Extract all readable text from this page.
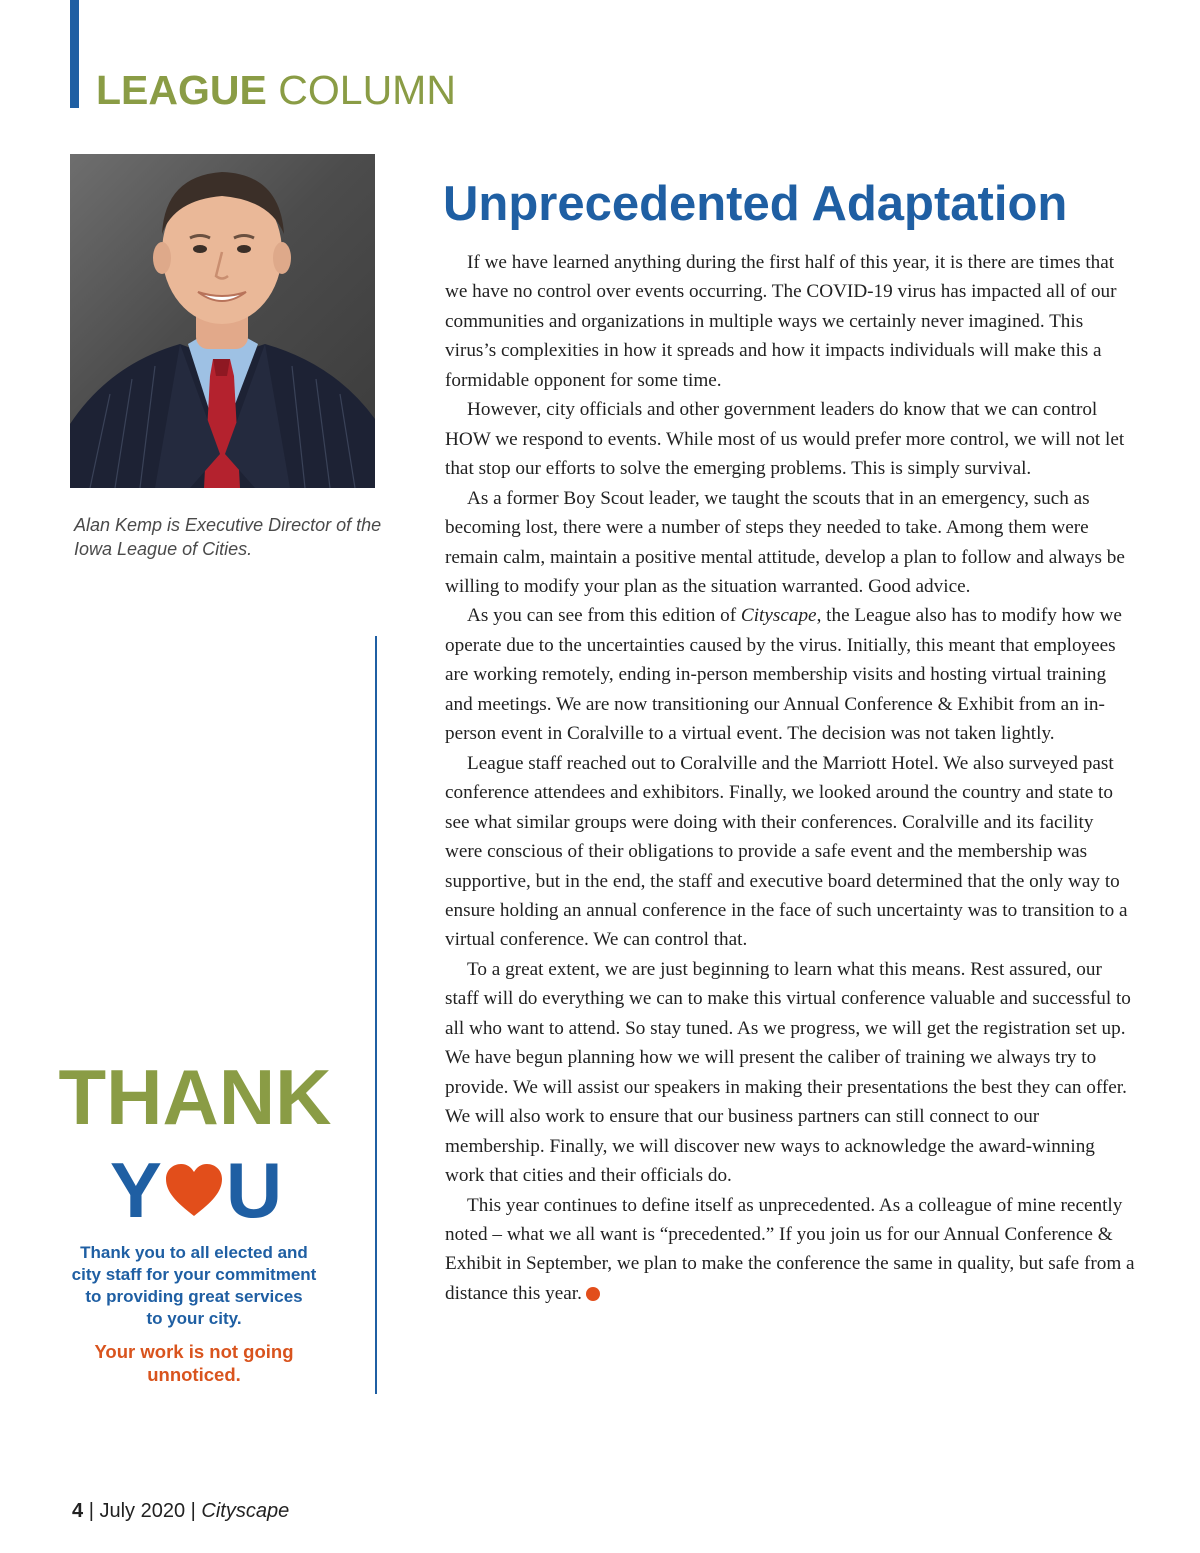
LEAGUE COLUMN
Alan Kemp is Executive Director of the Iowa League of Cities.
THANK
Y U
Thank you to all elected and
city staff for your commitment
to providing great services
to your city.
Your work is not going
unnoticed.
Unprecedented Adaptation

If we have learned anything during the first half of this year, it is there are times that we have no control over events occurring. The COVID-19 virus has impacted all of our communities and organizations in multiple ways we certainly never imagined. This virus’s complexities in how it spreads and how it impacts individuals will make this a formidable opponent for some time.

However, city officials and other government leaders do know that we can control HOW we respond to events. While most of us would prefer more control, we will not let that stop our efforts to solve the emerging problems. This is simply survival.

As a former Boy Scout leader, we taught the scouts that in an emergency, such as becoming lost, there were a number of steps they needed to take. Among them were remain calm, maintain a positive mental attitude, develop a plan to follow and always be willing to modify your plan as the situation warranted. Good advice.

As you can see from this edition of Cityscape, the League also has to modify how we operate due to the uncertainties caused by the virus. Initially, this meant that employees are working remotely, ending in-person membership visits and hosting virtual training and meetings. We are now transitioning our Annual Conference & Exhibit from an in-person event in Coralville to a virtual event. The decision was not taken lightly.

League staff reached out to Coralville and the Marriott Hotel. We also surveyed past conference attendees and exhibitors. Finally, we looked around the country and state to see what similar groups were doing with their conferences. Coralville and its facility were conscious of their obligations to provide a safe event and the membership was supportive, but in the end, the staff and executive board determined that the only way to ensure holding an annual conference in the face of such uncertainty was to transition to a virtual conference. We can control that.

To a great extent, we are just beginning to learn what this means. Rest assured, our staff will do everything we can to make this virtual conference valuable and successful to all who want to attend. So stay tuned. As we progress, we will get the registration set up. We have begun planning how we will present the caliber of training we always try to provide. We will assist our speakers in making their presentations the best they can offer. We will also work to ensure that our business partners can still connect to our membership. Finally, we will discover new ways to acknowledge the award-winning work that cities and their officials do.

This year continues to define itself as unprecedented. As a colleague of mine recently noted – what we all want is “precedented.” If you join us for our Annual Conference & Exhibit in September, we plan to make the conference the same in quality, but safe from a distance this year.

4 | July 2020 | Cityscape
